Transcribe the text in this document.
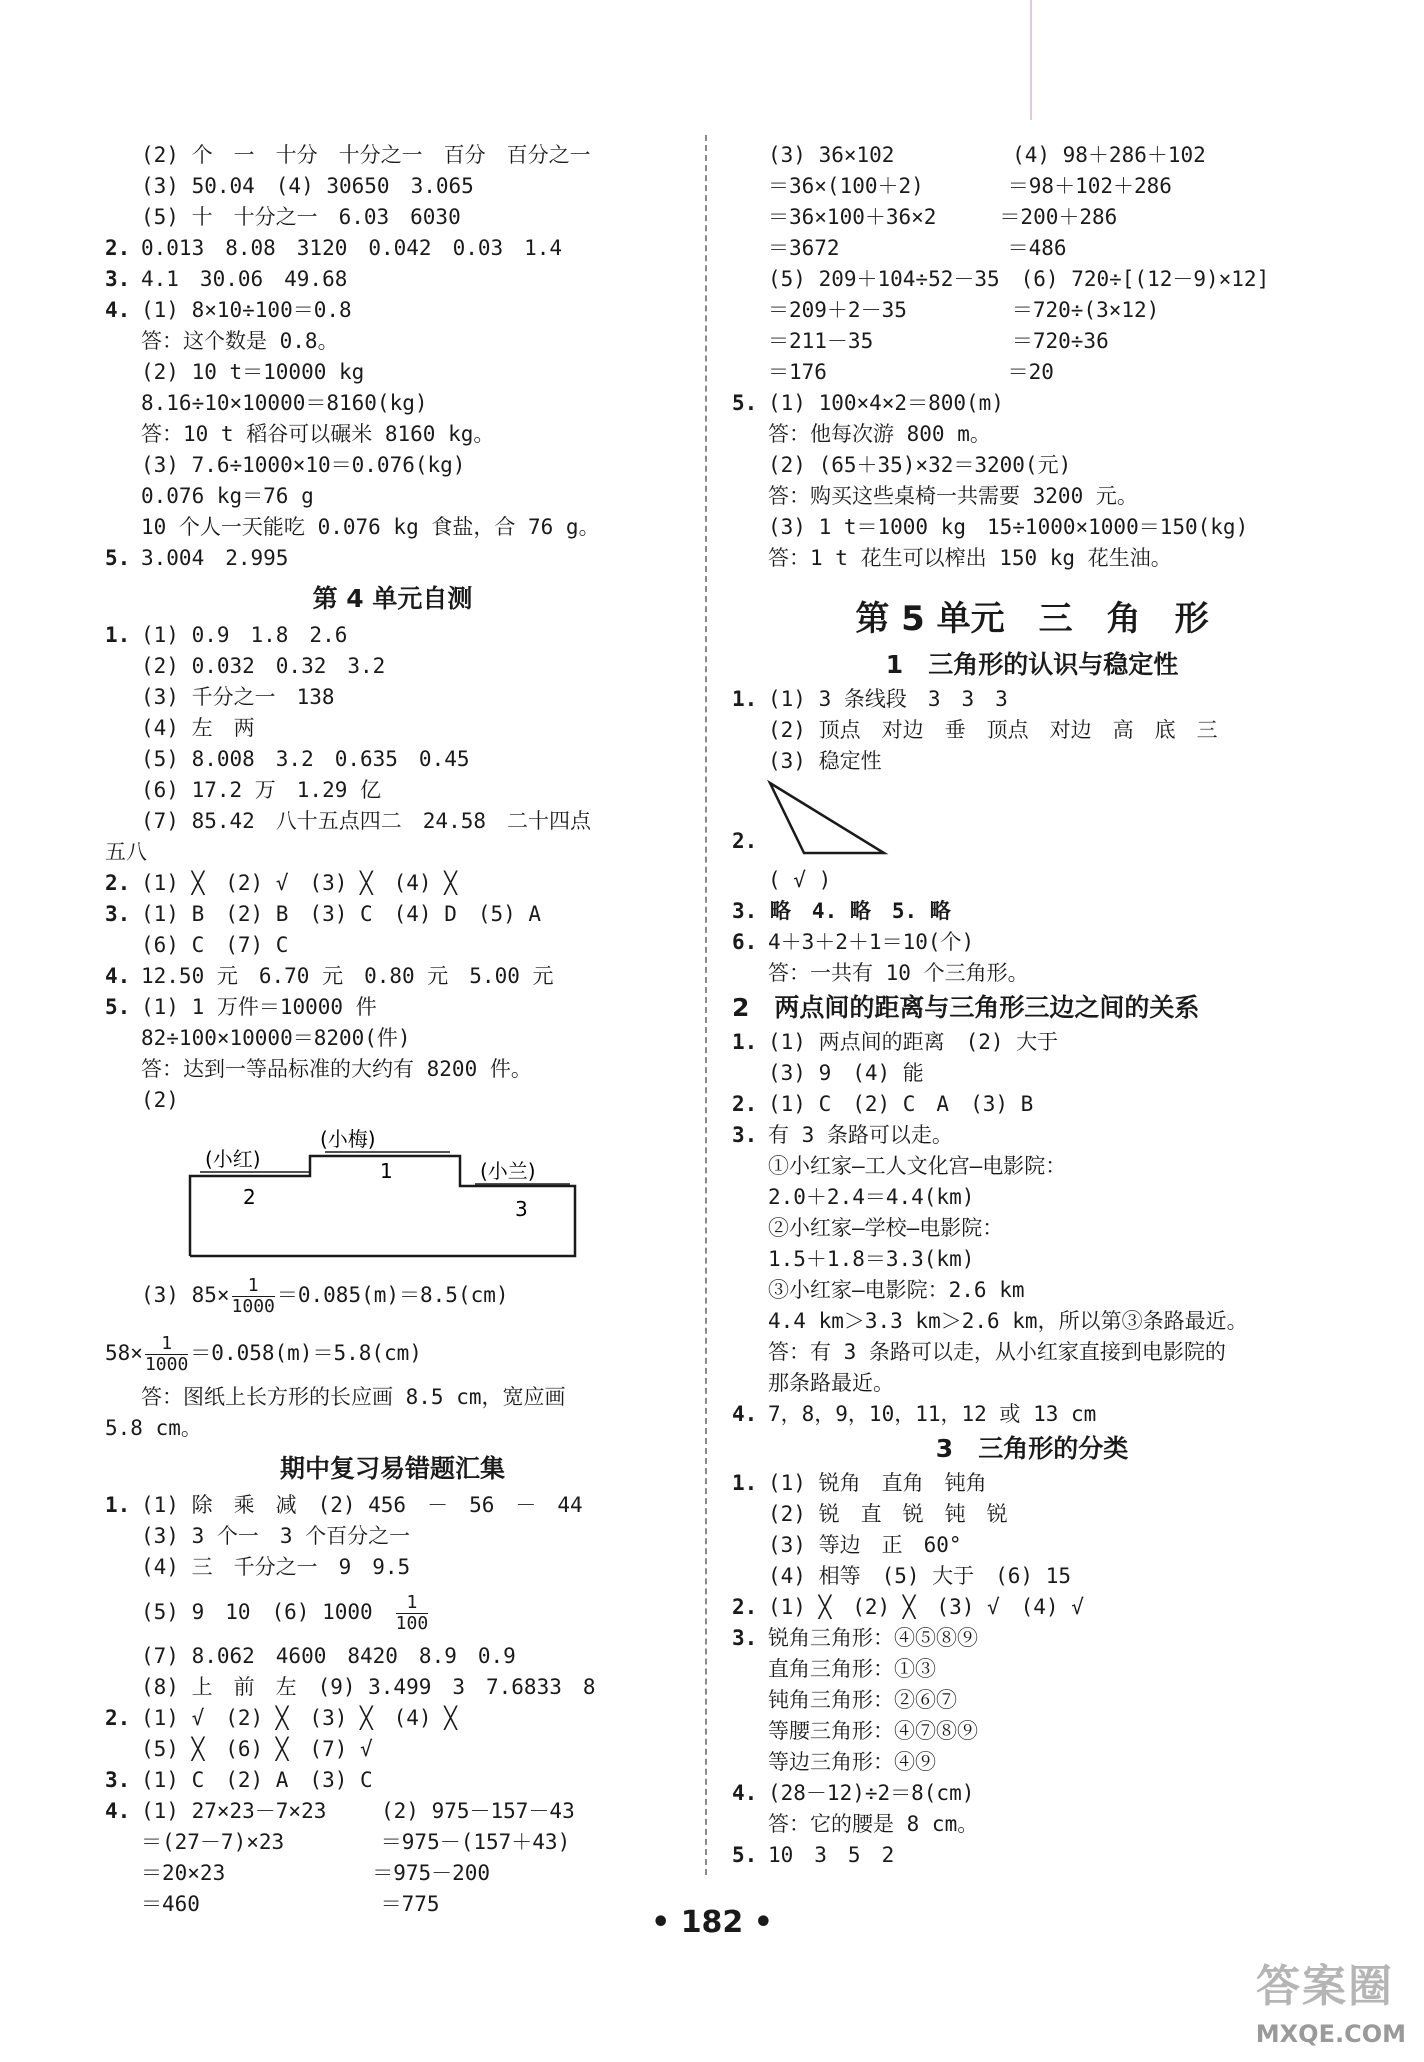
(2) 个　一　十分　十分之一　百分　百分之一
(3) 50.04　(4) 30650　3.065
(5) 十　十分之一　6.03　6030
2. 0.013　8.08　3120　0.042　0.03　1.4
3. 4.1　30.06　49.68
4. (1) 8×10÷100＝0.8
答：这个数是 0.8。
(2) 10 t＝10000 kg
8.16÷10×10000＝8160(kg)
答：10 t 稻谷可以碾米 8160 kg。
(3) 7.6÷1000×10＝0.076(kg)
0.076 kg＝76 g
10 个人一天能吃 0.076 kg 食盐，合 76 g。
5. 3.004　2.995
第 4 单元自测
1. (1) 0.9　1.8　2.6
(2) 0.032　0.32　3.2
(3) 千分之一　138
(4) 左　两
(5) 8.008　3.2　0.635　0.45
(6) 17.2 万　1.29 亿
(7) 85.42　八十五点四二　24.58　二十四点
五八
2. (1) ╳　(2) √　(3) ╳　(4) ╳
3. (1) B　(2) B　(3) C　(4) D　(5) A
(6) C　(7) C
4. 12.50 元　6.70 元　0.80 元　5.00 元
5. (1) 1 万件＝10000 件
82÷100×10000＝8200(件)
答：达到一等品标准的大约有 8200 件。
(2)
(小梅)
(小红)	(小兰)
1
2	3
(3) $85\times \frac{1}{1000} =0.085(m)=8.5(cm)$
$58\times \frac{1}{1000} =0.058(m)=5.8(cm)$
答：图纸上长方形的长应画 8.5 cm，宽应画
5.8 cm。
期中复习易错题汇集
1. (1) 除　乘　减　(2) 456　－　56　－　44
(3) 3 个一　3 个百分之一
(4) 三　千分之一　9　9.5
(5) 9　10　(6) 1000　 $\frac{1}{100}$
(7) 8.062　4600　8420　8.9　0.9
(8) 上　前　左　(9) 3.499　3　7.6833　8
2. (1) √　(2) ╳　(3) ╳　(4) ╳
(5) ╳　(6) ╳　(7) √
3. (1) C　(2) A　(3) C
4. (1) 27×23－7×23　　 (2) 975－157－43
＝(27－7)×23　　　　 ＝975－(157＋43)
＝20×23　　　　　　　＝975－200
＝460　　　　　　　　 ＝775
(3) 36×102　　　　　 (4) 98＋286＋102
＝36×(100＋2)　　　　＝98＋102＋286
＝36×100＋36×2　　　＝200＋286
＝3672　　　　　　　　＝486
(5) 209＋104÷52－35　(6) 720÷[(12－9)×12]
＝209＋2－35　　　　　＝720÷(3×12)
＝211－35　　　　　　 ＝720÷36
＝176　　　　　　　　 ＝20
5. (1) 100×4×2＝800(m)
答：他每次游 800 m。
(2) (65＋35)×32＝3200(元)
答：购买这些桌椅一共需要 3200 元。
(3) 1 t＝1000 kg　15÷1000×1000＝150(kg)
答：1 t 花生可以榨出 150 kg 花生油。
第 5 单元　三　角　形
1　三角形的认识与稳定性
1. (1) 3 条线段　3　3　3
(2) 顶点　对边　垂　顶点　对边　高　底　三
(3) 稳定性
2.
( √ )
3. 略　4. 略　5. 略
6. 4＋3＋2＋1＝10(个)
答：一共有 10 个三角形。
2　两点间的距离与三角形三边之间的关系
1. (1) 两点间的距离　(2) 大于
(3) 9　(4) 能
2. (1) C　(2) C　A　(3) B
3. 有 3 条路可以走。
①小红家—工人文化宫—电影院：
2.0＋2.4＝4.4(km)
②小红家—学校—电影院：
1.5＋1.8＝3.3(km)
③小红家—电影院：2.6 km
4.4 km＞3.3 km＞2.6 km，所以第③条路最近。
答：有 3 条路可以走，从小红家直接到电影院的
那条路最近。
4. 7，8，9，10，11，12 或 13 cm
3　三角形的分类
1. (1) 锐角　直角　钝角
(2) 锐　直　锐　钝　锐
(3) 等边　正　60°
(4) 相等　(5) 大于　(6) 15
2. (1) ╳　(2) ╳　(3) √　(4) √
3. 锐角三角形：④⑤⑧⑨
直角三角形：①③
钝角三角形：②⑥⑦
等腰三角形：④⑦⑧⑨
等边三角形：④⑨
4. (28－12)÷2＝8(cm)
答：它的腰是 8 cm。
5. 10　3　5　2
• 182 •
答案圈
MXQE.COM
